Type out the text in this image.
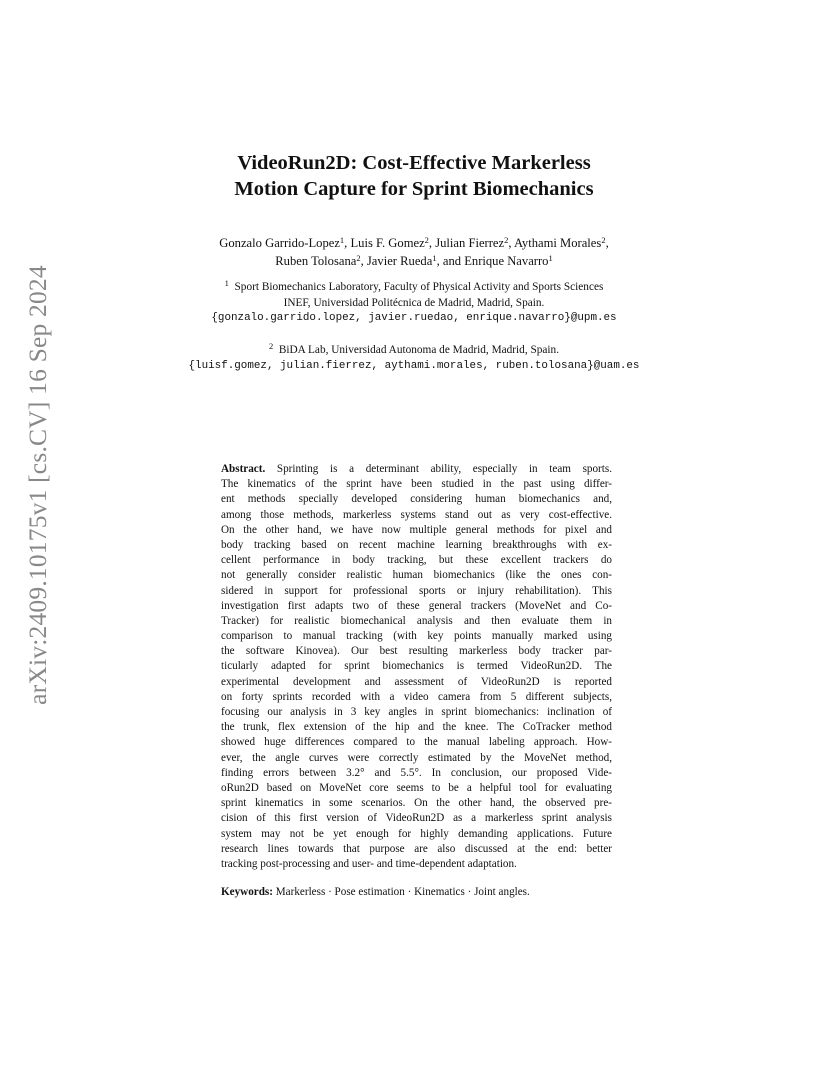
arXiv:2409.10175v1 [cs.CV] 16 Sep 2024
VideoRun2D: Cost-Effective Markerless
Motion Capture for Sprint Biomechanics
Gonzalo Garrido-Lopez$^1$, Luis F. Gomez$^2$, Julian Fierrez$^2$, Aythami Morales$^2$,
Ruben Tolosana$^2$, Javier Rueda$^1$, and Enrique Navarro$^1$
$^1$ Sport Biomechanics Laboratory, Faculty of Physical Activity and Sports Sciences
INEF, Universidad Politécnica de Madrid, Madrid, Spain.
{gonzalo.garrido.lopez, javier.ruedao, enrique.navarro}@upm.es
$^2$ BiDA Lab, Universidad Autonoma de Madrid, Madrid, Spain.
{luisf.gomez, julian.fierrez, aythami.morales, ruben.tolosana}@uam.es
Abstract. Sprinting is a determinant ability, especially in team sports.
The kinematics of the sprint have been studied in the past using differ-
ent methods specially developed considering human biomechanics and,
among those methods, markerless systems stand out as very cost-effective.
On the other hand, we have now multiple general methods for pixel and
body tracking based on recent machine learning breakthroughs with ex-
cellent performance in body tracking, but these excellent trackers do
not generally consider realistic human biomechanics (like the ones con-
sidered in support for professional sports or injury rehabilitation). This
investigation first adapts two of these general trackers (MoveNet and Co-
Tracker) for realistic biomechanical analysis and then evaluate them in
comparison to manual tracking (with key points manually marked using
the software Kinovea). Our best resulting markerless body tracker par-
ticularly adapted for sprint biomechanics is termed VideoRun2D. The
experimental development and assessment of VideoRun2D is reported
on forty sprints recorded with a video camera from 5 different subjects,
focusing our analysis in 3 key angles in sprint biomechanics: inclination of
the trunk, flex extension of the hip and the knee. The CoTracker method
showed huge differences compared to the manual labeling approach. How-
ever, the angle curves were correctly estimated by the MoveNet method,
finding errors between 3.2° and 5.5°. In conclusion, our proposed Vide-
oRun2D based on MoveNet core seems to be a helpful tool for evaluating
sprint kinematics in some scenarios. On the other hand, the observed pre-
cision of this first version of VideoRun2D as a markerless sprint analysis
system may not be yet enough for highly demanding applications. Future
research lines towards that purpose are also discussed at the end: better
tracking post-processing and user- and time-dependent adaptation.
Keywords: Markerless · Pose estimation · Kinematics · Joint angles.
